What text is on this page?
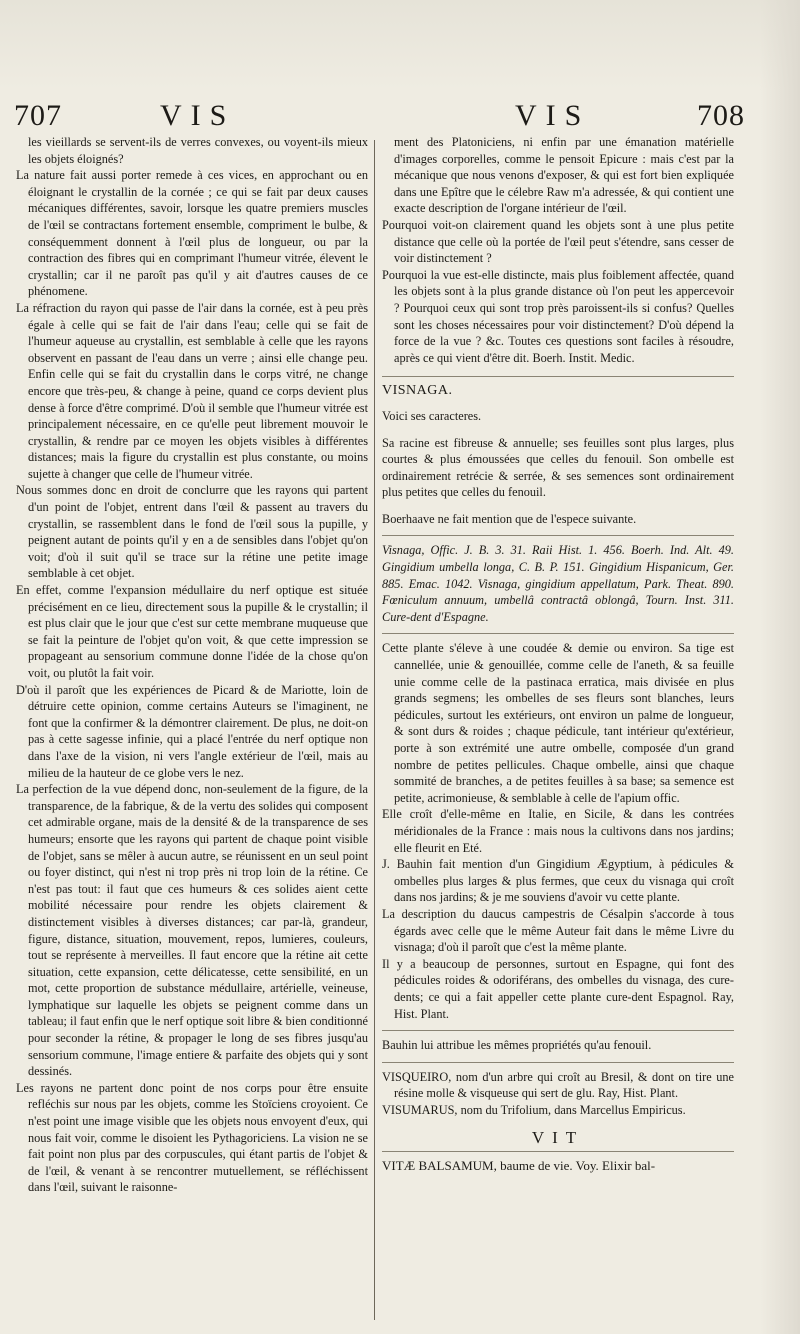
707	VIS	VIS	708

les vieillards se servent-ils de verres convexes, ou voyent-ils mieux les objets éloignés?

La nature fait aussi porter remede à ces vices, en approchant ou en éloignant le crystallin de la cornée ; ce qui se fait par deux causes mécaniques différentes, savoir, lorsque les quatre premiers muscles de l'œil se contractans fortement ensemble, compriment le bulbe, & conséquemment donnent à l'œil plus de longueur, ou par la contraction des fibres qui en comprimant l'humeur vitrée, élevent le crystallin; car il ne paroît pas qu'il y ait d'autres causes de ce phénomene.

La réfraction du rayon qui passe de l'air dans la cornée, est à peu près égale à celle qui se fait de l'air dans l'eau; celle qui se fait de l'humeur aqueuse au crystallin, est semblable à celle que les rayons observent en passant de l'eau dans un verre ; ainsi elle change peu. Enfin celle qui se fait du crystallin dans le corps vitré, ne change encore que très-peu, & change à peine, quand ce corps devient plus dense à force d'être comprimé. D'où il semble que l'humeur vitrée est principalement nécessaire, en ce qu'elle peut librement mouvoir le crystallin, & rendre par ce moyen les objets visibles à différentes distances; mais la figure du crystallin est plus constante, ou moins sujette à changer que celle de l'humeur vitrée.

Nous sommes donc en droit de conclurre que les rayons qui partent d'un point de l'objet, entrent dans l'œil & passent au travers du crystallin, se rassemblent dans le fond de l'œil sous la pupille, y peignent autant de points qu'il y en a de sensibles dans l'objet qu'on voit; d'où il suit qu'il se trace sur la rétine une petite image semblable à cet objet.

En effet, comme l'expansion médullaire du nerf optique est située précisément en ce lieu, directement sous la pupille & le crystallin; il est plus clair que le jour que c'est sur cette membrane muqueuse que se fait la peinture de l'objet qu'on voit, & que cette impression se propageant au sensorium commune donne l'idée de la chose qu'on voit, ou plutôt la fait voir.

D'où il paroît que les expériences de Picard & de Mariotte, loin de détruire cette opinion, comme certains Auteurs se l'imaginent, ne font que la confirmer & la démontrer clairement. De plus, ne doit-on pas à cette sagesse infinie, qui a placé l'entrée du nerf optique non dans l'axe de la vision, ni vers l'angle extérieur de l'œil, mais au milieu de la hauteur de ce globe vers le nez.

La perfection de la vue dépend donc, non-seulement de la figure, de la transparence, de la fabrique, & de la vertu des solides qui composent cet admirable organe, mais de la densité & de la transparence de ses humeurs; ensorte que les rayons qui partent de chaque point visible de l'objet, sans se mêler à aucun autre, se réunissent en un seul point ou foyer distinct, qui n'est ni trop près ni trop loin de la rétine. Ce n'est pas tout: il faut que ces humeurs & ces solides aient cette mobilité nécessaire pour rendre les objets clairement & distinctement visibles à diverses distances; car par-là, grandeur, figure, distance, situation, mouvement, repos, lumieres, couleurs, tout se représente à merveilles. Il faut encore que la rétine ait cette situation, cette expansion, cette délicatesse, cette sensibilité, en un mot, cette proportion de substance médullaire, artérielle, veineuse, lymphatique sur laquelle les objets se peignent comme dans un tableau; il faut enfin que le nerf optique soit libre & bien conditionné pour seconder la rétine, & propager le long de ses fibres jusqu'au sensorium commune, l'image entiere & parfaite des objets qui y sont dessinés.

Les rayons ne partent donc point de nos corps pour être ensuite refléchis sur nous par les objets, comme les Stoïciens croyoient. Ce n'est point une image visible que les objets nous envoyent d'eux, qui nous fait voir, comme le disoient les Pythagoriciens. La vision ne se fait point non plus par des corpuscules, qui étant partis de l'objet & de l'œil, & venant à se rencontrer mutuellement, se réfléchissent dans l'œil, suivant le raisonne-

ment des Platoniciens, ni enfin par une émanation matérielle d'images corporelles, comme le pensoit Epicure : mais c'est par la mécanique que nous venons d'exposer, & qui est fort bien expliquée dans une Epître que le célebre Raw m'a adressée, & qui contient une exacte description de l'organe intérieur de l'œil.

Pourquoi voit-on clairement quand les objets sont à une plus petite distance que celle où la portée de l'œil peut s'étendre, sans cesser de voir distinctement ?

Pourquoi la vue est-elle distincte, mais plus foiblement affectée, quand les objets sont à la plus grande distance où l'on peut les appercevoir ? Pourquoi ceux qui sont trop près paroissent-ils si confus? Quelles sont les choses nécessaires pour voir distinctement? D'où dépend la force de la vue ? &c. Toutes ces questions sont faciles à résoudre, après ce qui vient d'être dit. Boerh. Instit. Medic.

VISNAGA.

Voici ses caracteres.

Sa racine est fibreuse & annuelle; ses feuilles sont plus larges, plus courtes & plus émoussées que celles du fenouil. Son ombelle est ordinairement retrécie & serrée, & ses semences sont ordinairement plus petites que celles du fenouil.

Boerhaave ne fait mention que de l'espece suivante.

Visnaga, Offic. J. B. 3. 31. Raii Hist. 1. 456. Boerh. Ind. Alt. 49. Gingidium umbella longa, C. B. P. 151. Gingidium Hispanicum, Ger. 885. Emac. 1042. Visnaga, gingidium appellatum, Park. Theat. 890. Fœniculum annuum, umbellâ contractâ oblongâ, Tourn. Inst. 311. Cure-dent d'Espagne.

Cette plante s'éleve à une coudée & demie ou environ. Sa tige est cannellée, unie & genouillée, comme celle de l'aneth, & sa feuille unie comme celle de la pastinaca erratica, mais divisée en plus grands segmens; les ombelles de ses fleurs sont blanches, leurs pédicules, surtout les extérieurs, ont environ un palme de longueur, & sont durs & roides ; chaque pédicule, tant intérieur qu'extérieur, porte à son extrémité une autre ombelle, composée d'un grand nombre de petites pellicules. Chaque ombelle, ainsi que chaque sommité de branches, a de petites feuilles à sa base; sa semence est petite, acrimonieuse, & semblable à celle de l'apium offic.

Elle croît d'elle-même en Italie, en Sicile, & dans les contrées méridionales de la France : mais nous la cultivons dans nos jardins; elle fleurit en Eté.

J. Bauhin fait mention d'un Gingidium Ægyptium, à pédicules & ombelles plus larges & plus fermes, que ceux du visnaga qui croît dans nos jardins; & je me souviens d'avoir vu cette plante.

La description du daucus campestris de Césalpin s'accorde à tous égards avec celle que le même Auteur fait dans le même Livre du visnaga; d'où il paroît que c'est la même plante.

Il y a beaucoup de personnes, surtout en Espagne, qui font des pédicules roides & odoriférans, des ombelles du visnaga, des cure-dents; ce qui a fait appeller cette plante cure-dent Espagnol. Ray, Hist. Plant.

Bauhin lui attribue les mêmes propriétés qu'au fenouil.

VISQUEIRO, nom d'un arbre qui croît au Bresil, & dont on tire une résine molle & visqueuse qui sert de glu. Ray, Hist. Plant.

VISUMARUS, nom du Trifolium, dans Marcellus Empiricus.

VIT

VITÆ BALSAMUM, baume de vie. Voy. Elixir bal-
